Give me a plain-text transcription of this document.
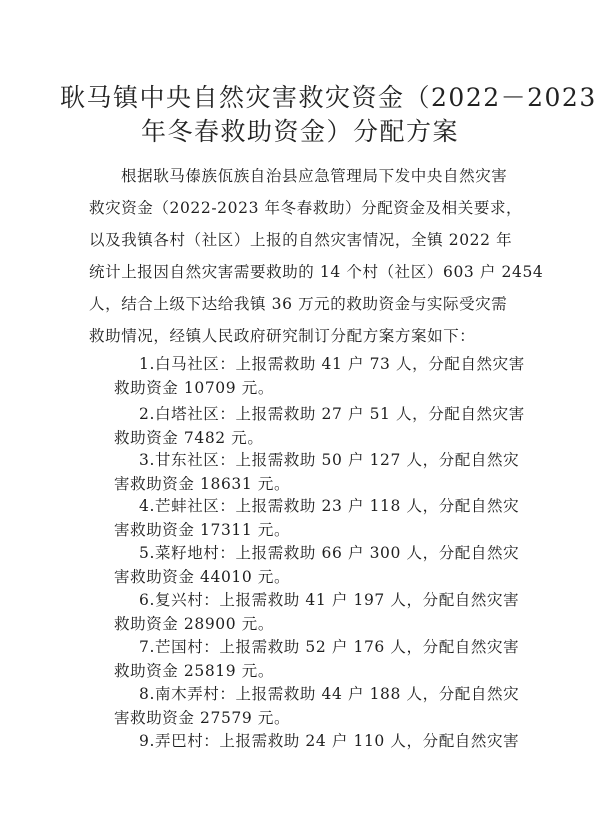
耿马镇中央自然灾害救灾资金（2022－2023
年冬春救助资金）分配方案
根据耿马傣族佤族自治县应急管理局下发中央自然灾害
救灾资金（2022-2023 年冬春救助）分配资金及相关要求，
以及我镇各村（社区）上报的自然灾害情况，全镇 2022 年
统计上报因自然灾害需要救助的 14 个村（社区）603 户 2454
人，结合上级下达给我镇 36 万元的救助资金与实际受灾需
救助情况，经镇人民政府研究制订分配方案方案如下：
1.白马社区：上报需救助 41 户 73 人，分配自然灾害
救助资金 10709 元。
2.白塔社区：上报需救助 27 户 51 人，分配自然灾害
救助资金 7482 元。
3.甘东社区：上报需救助 50 户 127 人，分配自然灾
害救助资金 18631 元。
4.芒蚌社区：上报需救助 23 户 118 人，分配自然灾
害救助资金 17311 元。
5.菜籽地村：上报需救助 66 户 300 人，分配自然灾
害救助资金 44010 元。
6.复兴村：上报需救助 41 户 197 人，分配自然灾害
救助资金 28900 元。
7.芒国村：上报需救助 52 户 176 人，分配自然灾害
救助资金 25819 元。
8.南木弄村：上报需救助 44 户 188 人，分配自然灾
害救助资金 27579 元。
9.弄巴村：上报需救助 24 户 110 人，分配自然灾害
